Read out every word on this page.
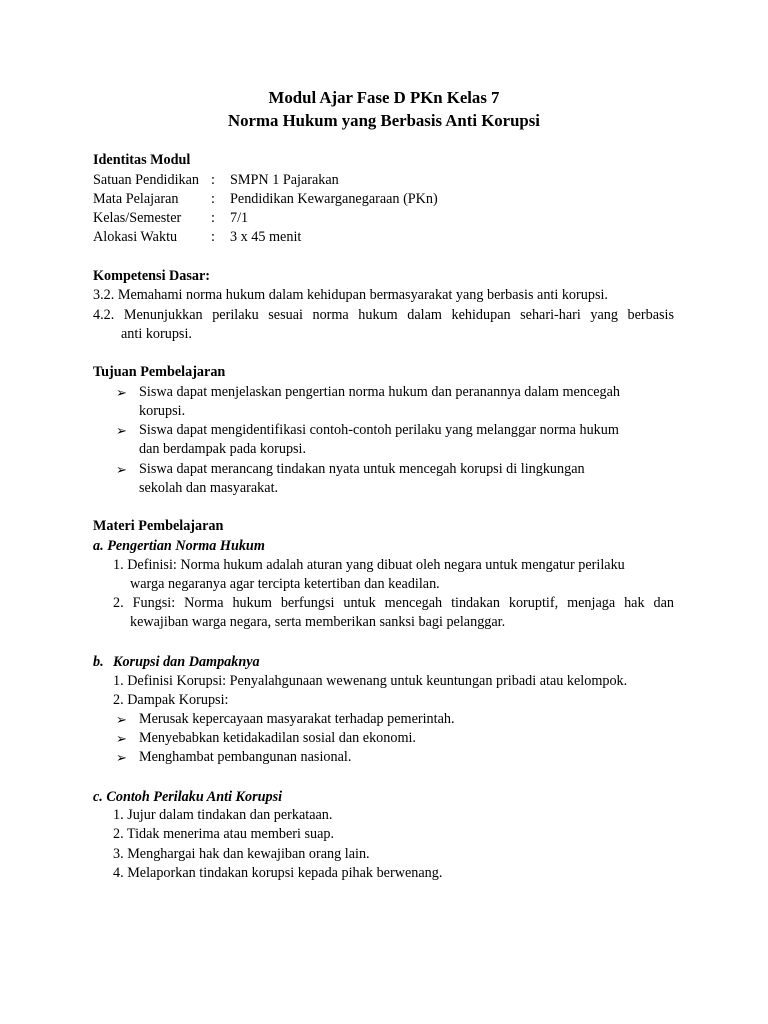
Modul Ajar Fase D PKn Kelas 7
Norma Hukum yang Berbasis Anti Korupsi
Identitas Modul
Satuan Pendidikan : SMPN 1 Pajarakan
Mata Pelajaran : Pendidikan Kewarganegaraan (PKn)
Kelas/Semester : 7/1
Alokasi Waktu : 3 x 45 menit
Kompetensi Dasar:
3.2. Memahami norma hukum dalam kehidupan bermasyarakat yang berbasis anti korupsi.
4.2. Menunjukkan perilaku sesuai norma hukum dalam kehidupan sehari-hari yang berbasis
anti korupsi.
Tujuan Pembelajaran
➢ Siswa dapat menjelaskan pengertian norma hukum dan peranannya dalam mencegah
korupsi.
➢ Siswa dapat mengidentifikasi contoh-contoh perilaku yang melanggar norma hukum
dan berdampak pada korupsi.
➢ Siswa dapat merancang tindakan nyata untuk mencegah korupsi di lingkungan
sekolah dan masyarakat.
Materi Pembelajaran
a. Pengertian Norma Hukum
1. Definisi: Norma hukum adalah aturan yang dibuat oleh negara untuk mengatur perilaku
warga negaranya agar tercipta ketertiban dan keadilan.
2. Fungsi: Norma hukum berfungsi untuk mencegah tindakan koruptif, menjaga hak dan
kewajiban warga negara, serta memberikan sanksi bagi pelanggar.
b. Korupsi dan Dampaknya
1. Definisi Korupsi: Penyalahgunaan wewenang untuk keuntungan pribadi atau kelompok.
2. Dampak Korupsi:
➢ Merusak kepercayaan masyarakat terhadap pemerintah.
➢ Menyebabkan ketidakadilan sosial dan ekonomi.
➢ Menghambat pembangunan nasional.
c. Contoh Perilaku Anti Korupsi
1. Jujur dalam tindakan dan perkataan.
2. Tidak menerima atau memberi suap.
3. Menghargai hak dan kewajiban orang lain.
4. Melaporkan tindakan korupsi kepada pihak berwenang.
